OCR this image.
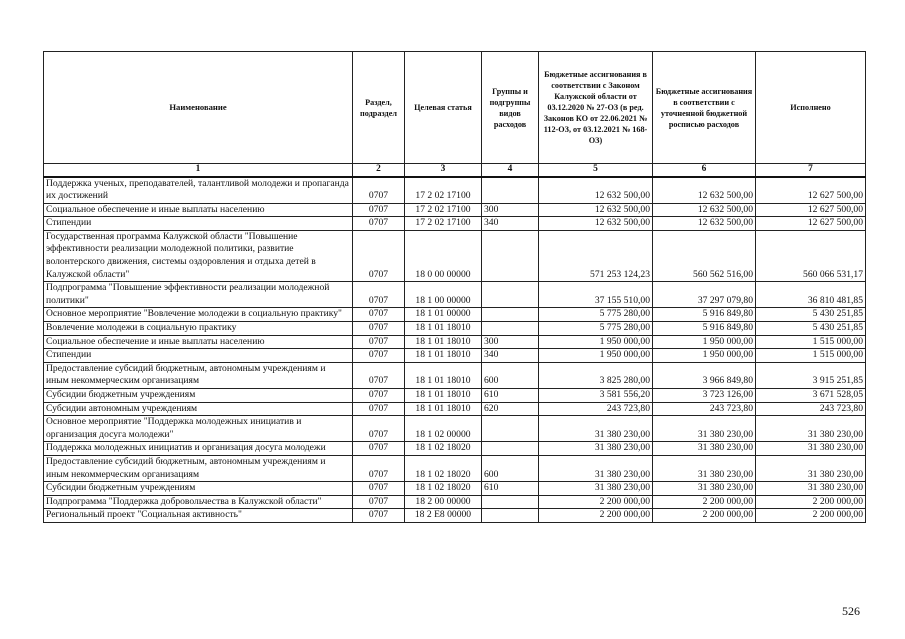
Наименование	Раздел, подраздел	Целевая статья	Группы и подгруппы видов расходов	Бюджетные ассигнования в соответствии с Законом Калужской области от 03.12.2020 № 27-ОЗ (в ред. Законов КО от 22.06.2021 № 112-ОЗ, от 03.12.2021 № 168-ОЗ)	Бюджетные ассигнования в соответствии с уточненной бюджетной росписью расходов	Исполнено
1	2	3	4	5	6	7
Поддержка ученых, преподавателей, талантливой молодежи и пропаганда их достижений	0707	17 2 02 17100		12 632 500,00	12 632 500,00	12 627 500,00
Социальное обеспечение и иные выплаты населению	0707	17 2 02 17100	300	12 632 500,00	12 632 500,00	12 627 500,00
Стипендии	0707	17 2 02 17100	340	12 632 500,00	12 632 500,00	12 627 500,00
Государственная программа Калужской области "Повышение эффективности реализации молодежной политики, развитие волонтерского движения, системы оздоровления и отдыха детей в Калужской области"	0707	18 0 00 00000		571 253 124,23	560 562 516,00	560 066 531,17
Подпрограмма "Повышение эффективности реализации молодежной политики"	0707	18 1 00 00000		37 155 510,00	37 297 079,80	36 810 481,85
Основное мероприятие "Вовлечение молодежи в социальную практику"	0707	18 1 01 00000		5 775 280,00	5 916 849,80	5 430 251,85
Вовлечение молодежи в социальную практику	0707	18 1 01 18010		5 775 280,00	5 916 849,80	5 430 251,85
Социальное обеспечение и иные выплаты населению	0707	18 1 01 18010	300	1 950 000,00	1 950 000,00	1 515 000,00
Стипендии	0707	18 1 01 18010	340	1 950 000,00	1 950 000,00	1 515 000,00
Предоставление субсидий бюджетным, автономным учреждениям и иным некоммерческим организациям	0707	18 1 01 18010	600	3 825 280,00	3 966 849,80	3 915 251,85
Субсидии бюджетным учреждениям	0707	18 1 01 18010	610	3 581 556,20	3 723 126,00	3 671 528,05
Субсидии автономным учреждениям	0707	18 1 01 18010	620	243 723,80	243 723,80	243 723,80
Основное мероприятие "Поддержка молодежных инициатив и организация досуга молодежи"	0707	18 1 02 00000		31 380 230,00	31 380 230,00	31 380 230,00
Поддержка молодежных инициатив и организация досуга молодежи	0707	18 1 02 18020		31 380 230,00	31 380 230,00	31 380 230,00
Предоставление субсидий бюджетным, автономным учреждениям и иным некоммерческим организациям	0707	18 1 02 18020	600	31 380 230,00	31 380 230,00	31 380 230,00
Субсидии бюджетным учреждениям	0707	18 1 02 18020	610	31 380 230,00	31 380 230,00	31 380 230,00
Подпрограмма "Поддержка добровольчества в Калужской области"	0707	18 2 00 00000		2 200 000,00	2 200 000,00	2 200 000,00
Региональный проект "Социальная активность"	0707	18 2 E8 00000		2 200 000,00	2 200 000,00	2 200 000,00
526
